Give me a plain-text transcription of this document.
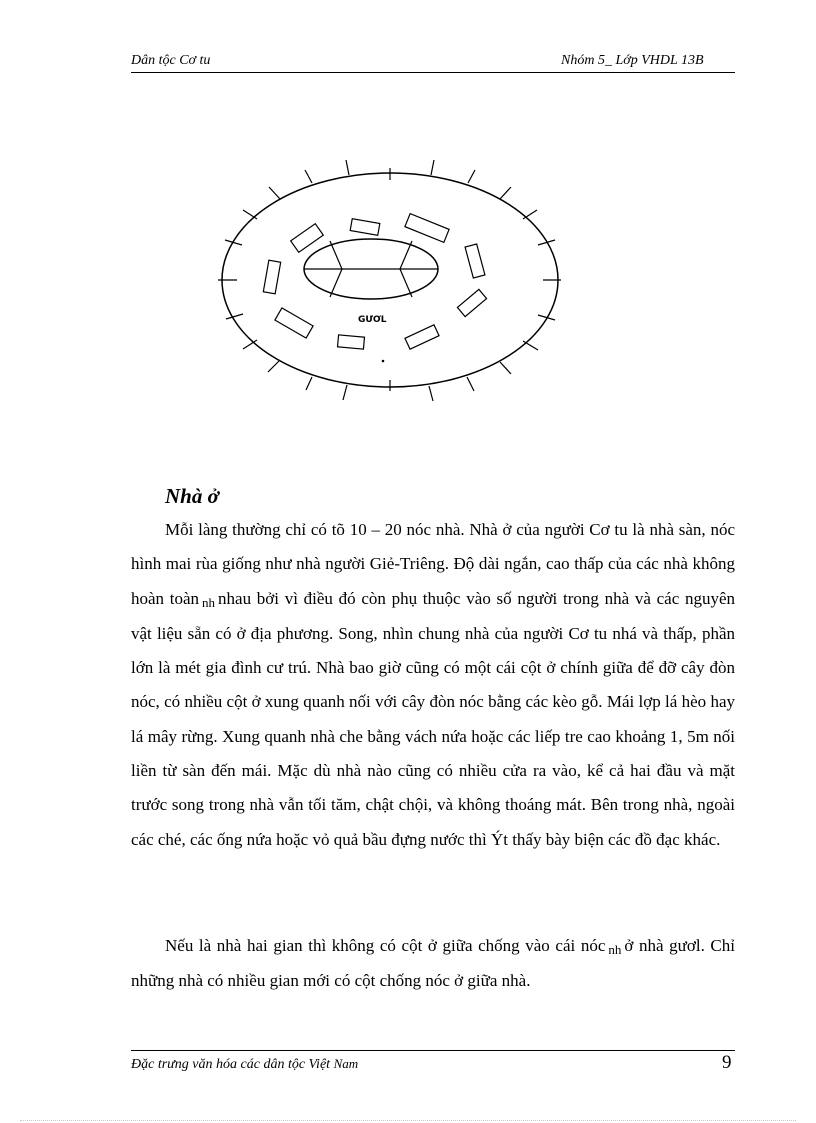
Dân tộc Cơ tu	Nhóm 5_ Lớp VHDL 13B
GƯƠL
Nhà ở

Mỗi làng thường chỉ có tõ 10 – 20 nóc nhà. Nhà ở của người Cơ tu là nhà sàn, nóc hình mai rùa giống như nhà người Giẻ-Triêng. Độ dài ngắn, cao thấp của các nhà không hoàn toàn nh nhau bởi vì điều đó còn phụ thuộc vào số người trong nhà và các nguyên vật liệu sẵn có ở địa phương. Song, nhìn chung nhà của người Cơ tu nhá và thấp, phần lớn là mét gia đình cư trú. Nhà bao giờ cũng có một cái cột ở chính giữa để đỡ cây đòn nóc, có nhiều cột ở xung quanh nối với cây đòn nóc bằng các kèo gỗ. Mái lợp lá hèo hay lá mây rừng. Xung quanh nhà che bằng vách nứa hoặc các liếp tre cao khoảng 1, 5m nối liền từ sàn đến mái. Mặc dù nhà nào cũng có nhiều cửa ra vào, kể cả hai đầu và mặt trước song trong nhà vẫn tối tăm, chật chội, và không thoáng mát. Bên trong nhà, ngoài các ché, các ống nứa hoặc vỏ quả bầu đựng nước thì Ýt thấy bày biện các đồ đạc khác.

Nếu là nhà hai gian thì không có cột ở giữa chống vào cái nóc nh ở nhà gươl. Chỉ những nhà có nhiều gian mới có cột chống nóc ở giữa nhà.

Đặc trưng văn hóa các dân tộc Việt Nam	9
